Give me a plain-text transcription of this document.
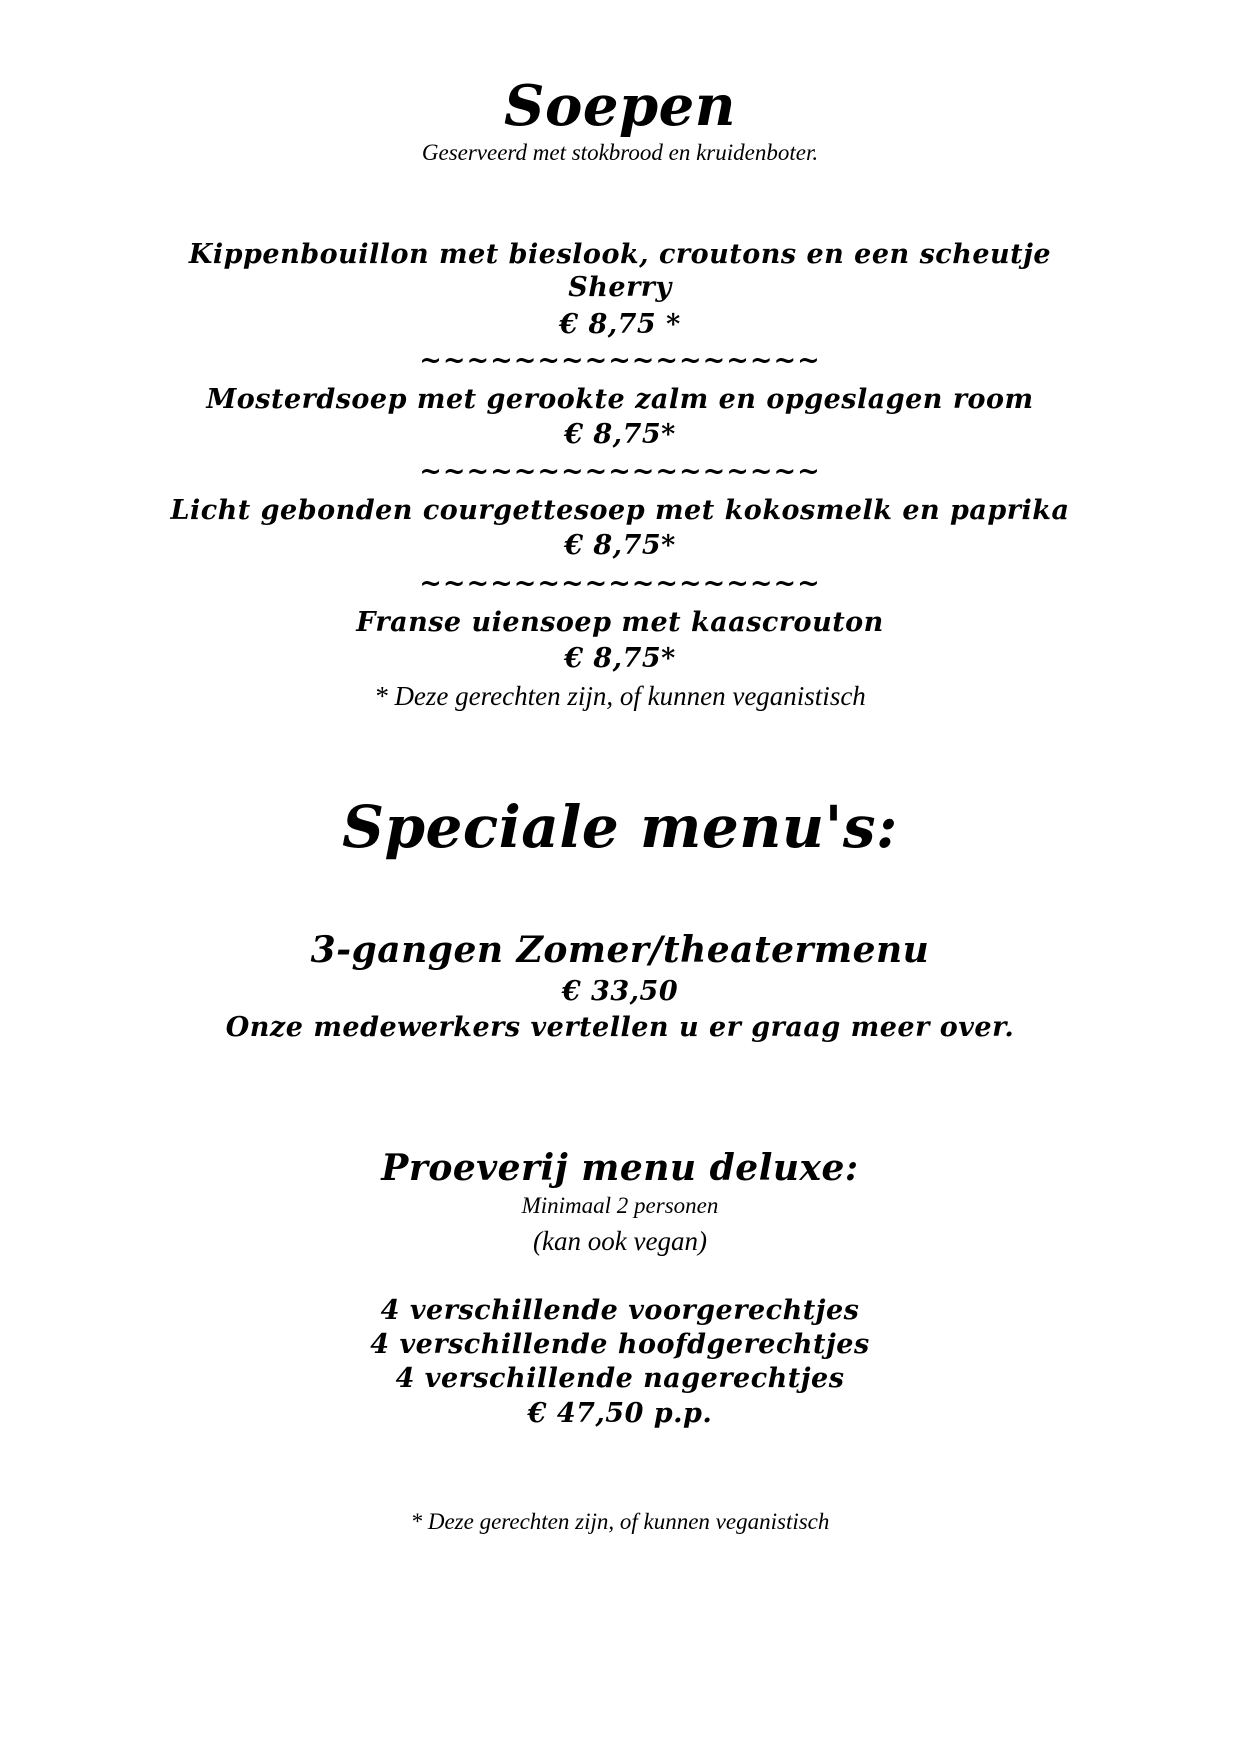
Soepen
Geserveerd met stokbrood en kruidenboter.
Kippenbouillon met bieslook, croutons en een scheutje
Sherry
€ 8,75 *
~~~~~~~~~~~~~~~~~
Mosterdsoep met gerookte zalm en opgeslagen room
€ 8,75*
~~~~~~~~~~~~~~~~~
Licht gebonden courgettesoep met kokosmelk en paprika
€ 8,75*
~~~~~~~~~~~~~~~~~
Franse uiensoep met kaascrouton
€ 8,75*
* Deze gerechten zijn, of kunnen veganistisch
Speciale menu's:
3-gangen Zomer/theatermenu
€ 33,50
Onze medewerkers vertellen u er graag meer over.
Proeverij menu deluxe:
Minimaal 2 personen
(kan ook vegan)
4 verschillende voorgerechtjes
4 verschillende hoofdgerechtjes
4 verschillende nagerechtjes
€ 47,50 p.p.
* Deze gerechten zijn, of kunnen veganistisch
